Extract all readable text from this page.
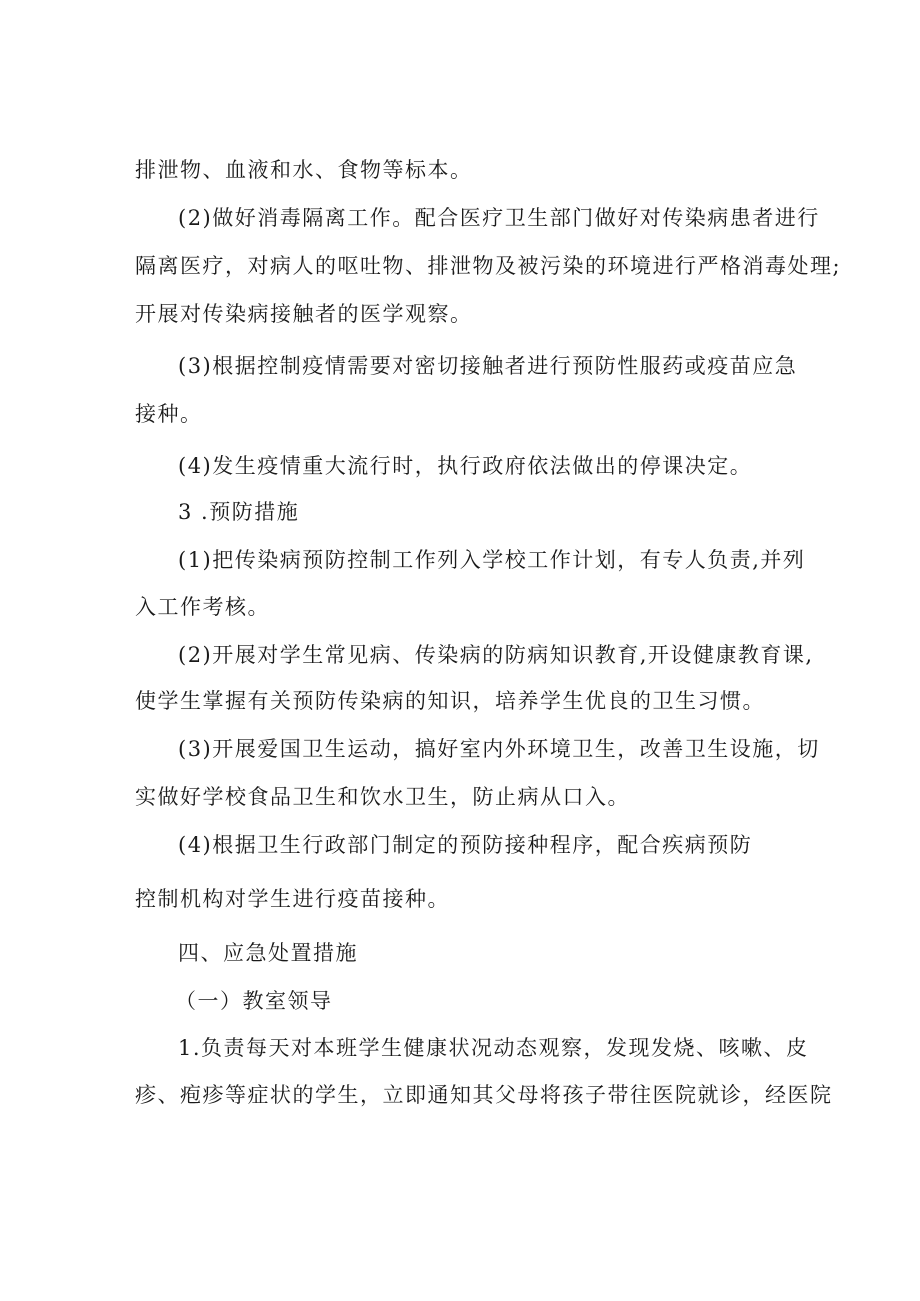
排泄物、血液和水、食物等标本。
(2)做好消毒隔离工作。配合医疗卫生部门做好对传染病患者进行
隔离医疗，对病人的呕吐物、排泄物及被污染的环境进行严格消毒处理;
开展对传染病接触者的医学观察。
(3)根据控制疫情需要对密切接触者进行预防性服药或疫苗应急
接种。
(4)发生疫情重大流行时，执行政府依法做出的停课决定。
3 .预防措施
(1)把传染病预防控制工作列入学校工作计划，有专人负责,并列
入工作考核。
(2)开展对学生常见病、传染病的防病知识教育,开设健康教育课,
使学生掌握有关预防传染病的知识，培养学生优良的卫生习惯。
(3)开展爱国卫生运动，搞好室内外环境卫生，改善卫生设施，切
实做好学校食品卫生和饮水卫生，防止病从口入。
(4)根据卫生行政部门制定的预防接种程序，配合疾病预防
控制机构对学生进行疫苗接种。
四、应急处置措施
（一）教室领导
1.负责每天对本班学生健康状况动态观察，发现发烧、咳嗽、皮
疹、疱疹等症状的学生，立即通知其父母将孩子带往医院就诊，经医院
